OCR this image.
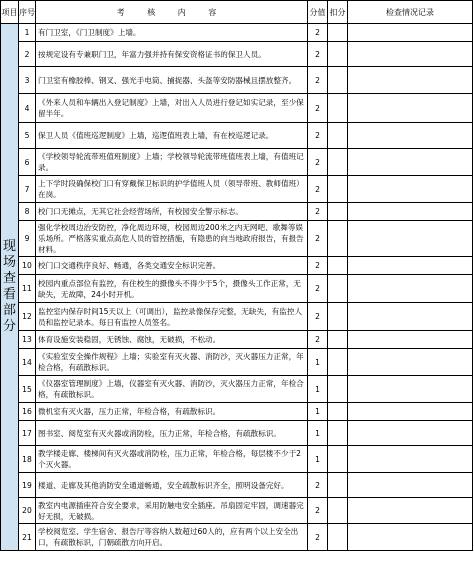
项目	序号	考 核 内 容	分值	扣分	检查情况记录
现场查看部分	1	有门卫室，《门卫制度》上墙。	2		
	2	按规定设有专兼职门卫，年富力强并持有保安资格证书的保卫人员。	2		
	3	门卫室有橡胶棒、钢叉、强光手电筒、捕捉器、头盔等安防器械且摆放整齐。	2		
	4	《外来人员和车辆出入登记制度》上墙，对出入人员进行登记如实记录，至少保留半年。	2		
	5	保卫人员《值班巡逻制度》上墙，巡逻值班表上墙，有在校巡逻记录。	2		
	6	《学校领导轮流带班值班制度》上墙；学校领导轮流带班值班表上墙，有值班记录。	2		
	7	上下学时段确保校门口有穿戴保卫标识的护学值班人员（领导带班、教师值班）在岗。	2		
	8	校门口无摊点，无其它社会经营场所，有校园安全警示标志。	2		
	9	强化学校周边治安防控，净化周边环境，校园周边200米之内无网吧、歌舞等娱乐场所。严格落实重点高危人员的管控措施，有隐患的向当地政府报告，有报告材料。	2		
	10	校门口交通秩序良好、畅通，各类交通安全标识完善。	2		
	11	校园内重点部位有监控，有住校生的摄像头不得少于5个，摄像头工作正常，无缺失，无故障，24小时开机。	2		
	12	监控室内保存时间15天以上（可调出），监控录像保存完整，无缺失，有监控人员和监控记录本。每日有监控人员签名。	2		
	13	体育设施安装稳固，无锈蚀、腐蚀，无破损，不松动。	2		
	14	《实验室安全操作规程》上墙；实验室有灭火器、消防沙，灭火器压力正常，年检合格，有疏散标识。	1		
	15	《仪器室管理制度》上墙，仪器室有灭火器、消防沙，灭火器压力正常，年检合格，有疏散标识。	1		
	16	微机室有灭火器，压力正常，年检合格，有疏散标识。	1		
	17	图书室、阅览室有灭火器或消防栓，压力正常，年检合格，有疏散标识。	1		
	18	教学楼走廊、楼梯间有灭火器或消防栓，压力正常，年检合格，每层楼不少于2个灭火器。	1		
	19	楼道、走廊及其他消防安全通道畅通，安全疏散标识齐全，照明设备完好。	2		
	20	教室内电源插座符合安全要求，采用防触电安全插座。吊扇固定牢固，调速器完好无损，无破损。	2		
	21	学校阅览室、学生宿舍、报告厅等容纳人数超过60人的，应有两个以上安全出口，有疏散标识，门朝疏散方向开启。	2		
